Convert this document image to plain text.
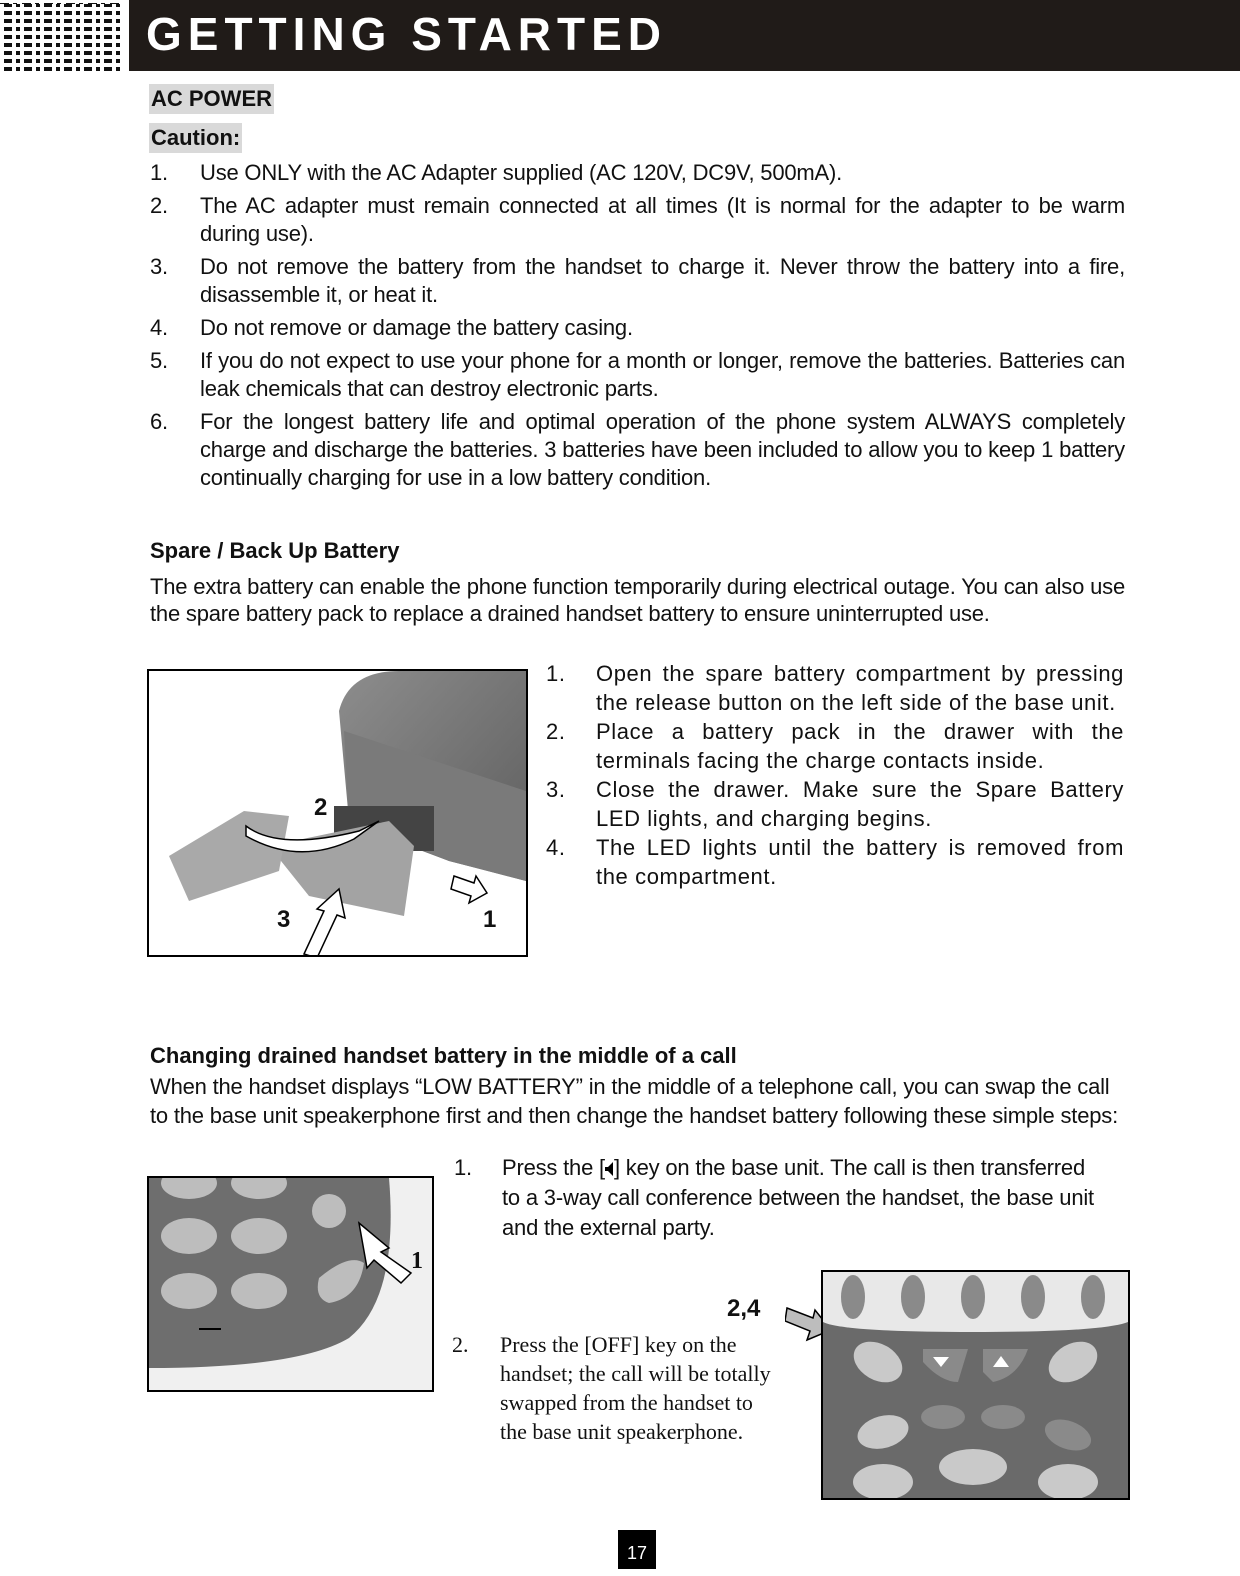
GETTING STARTED
AC POWER
Caution:
1. Use ONLY with the AC Adapter supplied (AC 120V, DC9V, 500mA).
2. The AC adapter must remain connected at all times (It is normal for the adapter to be warm during use).
3. Do not remove the battery from the handset to charge it. Never throw the battery into a fire, disassemble it, or heat it.
4. Do not remove or damage the battery casing.
5. If you do not expect to use your phone for a month or longer, remove the batteries. Batteries can leak chemicals that can destroy electronic parts.
6. For the longest battery life and optimal operation of the phone system ALWAYS completely charge and discharge the batteries. 3 batteries have been included to allow you to keep 1 battery continually charging for use in a low battery condition.
Spare / Back Up Battery
The extra battery can enable the phone function temporarily during electrical outage. You can also use the spare battery pack to replace a drained handset battery to ensure uninterrupted use.
2
3	1
1. Open the spare battery compartment by pressing the release button on the left side of the base unit.
2. Place a battery pack in the drawer with the terminals facing the charge contacts inside.
3. Close the drawer. Make sure the Spare Battery LED lights, and charging begins.
4. The LED lights until the battery is removed from the compartment.
Changing drained handset battery in the middle of a call
When the handset displays “LOW BATTERY” in the middle of a telephone call, you can swap the call to the base unit speakerphone first and then change the handset battery following these simple steps:
1.	Press the [ ] key on the base unit. The call is then transferred to a 3-way call conference between the handset, the base unit and the external party.
1
2,4
2.	Press the [OFF] key on the handset; the call will be totally swapped from the handset to the base unit speakerphone.
17
